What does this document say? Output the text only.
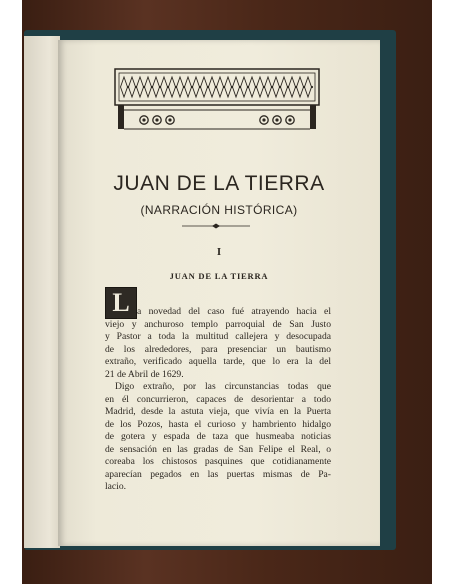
JUAN DE LA TIERRA
(NARRACIÓN HISTÓRICA)
I
JUAN DE LA TIERRA
L a novedad del caso fué atrayendo hacia el
viejo y anchuroso templo parroquial de San Justo
y Pastor a toda la multitud callejera y desocupada
de los alrededores, para presenciar un bautismo
extraño, verificado aquella tarde, que lo era la del
21 de Abril de 1629.
Digo extraño, por las circunstancias todas que
en él concurrieron, capaces de desorientar a todo
Madrid, desde la astuta vieja, que vivía en la Puerta
de los Pozos, hasta el curioso y hambriento hidalgo
de gotera y espada de taza que husmeaba noticias
de sensación en las gradas de San Felipe el Real, o
coreaba los chistosos pasquines que cotidianamente
aparecían pegados en las puertas mismas de Pa-
lacio.
